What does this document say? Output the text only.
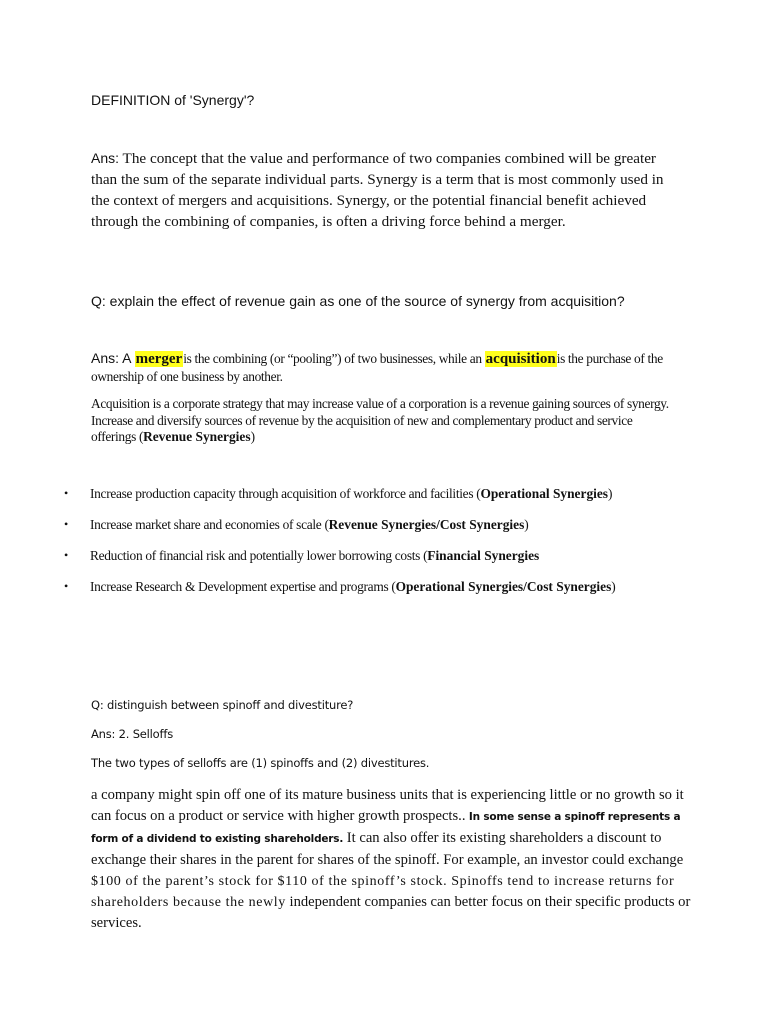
DEFINITION of 'Synergy'?
Ans: The concept that the value and performance of two companies combined will be greater than the sum of the separate individual parts. Synergy is a term that is most commonly used in the context of mergers and acquisitions. Synergy, or the potential financial benefit achieved through the combining of companies, is often a driving force behind a merger.
Q: explain the effect of revenue gain as one of the source of synergy from acquisition?
Ans: A mergeris the combining (or “pooling”) of two businesses, while an acquisitionis the purchase of the ownership of one business by another.
Acquisition is a corporate strategy that may increase value of a corporation is a revenue gaining sources of synergy. Increase and diversify sources of revenue by the acquisition of new and complementary product and service offerings (Revenue Synergies)
• Increase production capacity through acquisition of workforce and facilities (Operational Synergies)
• Increase market share and economies of scale (Revenue Synergies/Cost Synergies)
• Reduction of financial risk and potentially lower borrowing costs (Financial Synergies
• Increase Research & Development expertise and programs (Operational Synergies/Cost Synergies)
Q: distinguish between spinoff and divestiture?
Ans: 2. Selloffs
The two types of selloffs are (1) spinoffs and (2) divestitures.
a company might spin off one of its mature business units that is experiencing little or no growth so it can focus on a product or service with higher growth prospects.. In some sense a spinoff represents a form of a dividend to existing shareholders. It can also offer its existing shareholders a discount to exchange their shares in the parent for shares of the spinoff. For example, an investor could exchange $100 of the parent’s stock for $110 of the spinoff’s stock. Spinoffs tend to increase returns for shareholders because the newly independent companies can better focus on their specific products or services.
